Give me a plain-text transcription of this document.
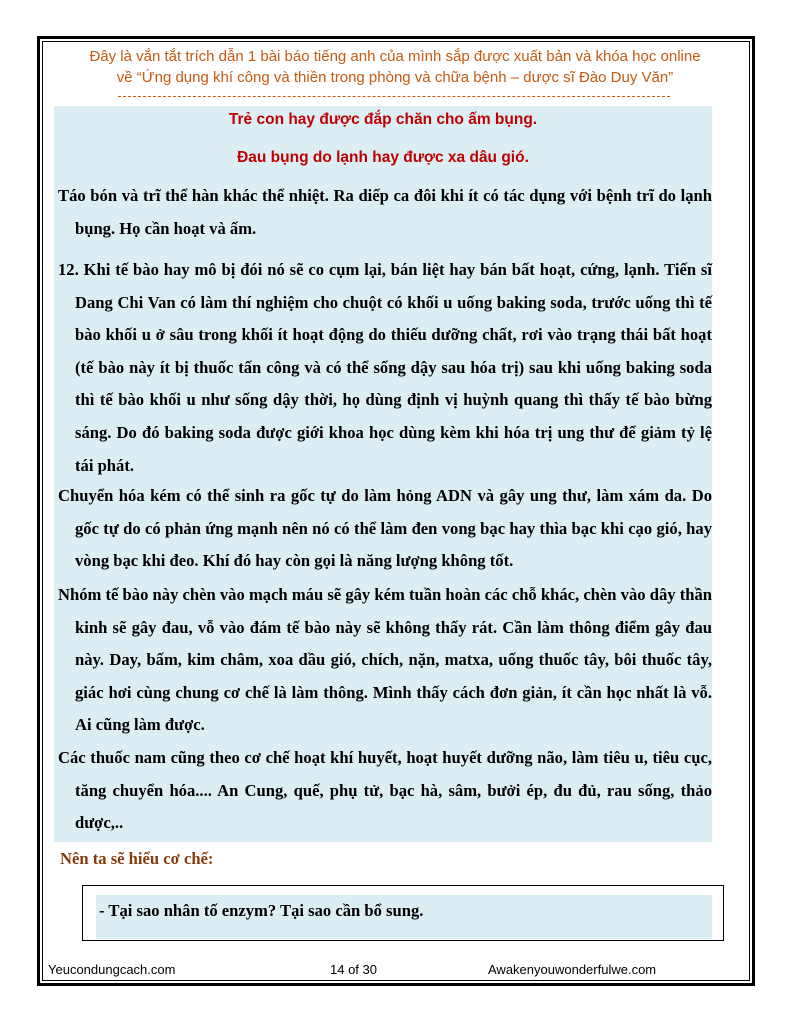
Đây là vắn tắt trích dẫn 1 bài báo tiếng anh của mình sắp được xuất bản và khóa học online
về “Ứng dụng khí công và thiền trong phòng và chữa bệnh – dược sĩ Đào Duy Văn”
Trẻ con hay được đắp chăn cho ấm bụng.
Đau bụng do lạnh hay được xa dâu gió.

Táo bón và trĩ thể hàn khác thể nhiệt. Ra diếp ca đôi khi ít có tác dụng với bệnh trĩ do lạnh bụng. Họ cần hoạt và ấm.

12. Khi tế bào hay mô bị đói nó sẽ co cụm lại, bán liệt hay bán bất hoạt, cứng, lạnh. Tiến sĩ Dang Chi Van có làm thí nghiệm cho chuột có khối u uống baking soda, trước uống thì tế bào khối u ở sâu trong khối ít hoạt động do thiếu dưỡng chất, rơi vào trạng thái bất hoạt (tế bào này ít bị thuốc tấn công và có thể sống dậy sau hóa trị) sau khi uống baking soda thì tế bào khối u như sống dậy thời, họ dùng định vị huỳnh quang thì thấy tế bào bừng sáng. Do đó baking soda được giới khoa học dùng kèm khi hóa trị ung thư để giảm tỷ lệ tái phát.

Chuyển hóa kém có thể sinh ra gốc tự do làm hỏng ADN và gây ung thư, làm xám da. Do gốc tự do có phản ứng mạnh nên nó có thể làm đen vong bạc hay thìa bạc khi cạo gió, hay vòng bạc khi đeo. Khí đó hay còn gọi là năng lượng không tốt.

Nhóm tế bào này chèn vào mạch máu sẽ gây kém tuần hoàn các chỗ khác, chèn vào dây thần kinh sẽ gây đau, vỗ vào đám tế bào này sẽ không thấy rát. Cần làm thông điểm gây đau này. Day, bấm, kim châm, xoa dầu gió, chích, nặn, matxa, uống thuốc tây, bôi thuốc tây, giác hơi cùng chung cơ chế là làm thông. Mình thấy cách đơn giản, ít cần học nhất là vỗ. Ai cũng làm được.

Các thuốc nam cũng theo cơ chế hoạt khí huyết, hoạt huyết dưỡng não, làm tiêu u, tiêu cục, tăng chuyển hóa.... An Cung, quế, phụ tử, bạc hà, sâm, bưởi ép, đu đủ, rau sống, thảo dược,..

Nên ta sẽ hiểu cơ chế:

- Tại sao nhân tố enzym? Tại sao cần bổ sung.

Yeucondungcach.com	14 of 30	Awakenyouwonderfulwe.com
